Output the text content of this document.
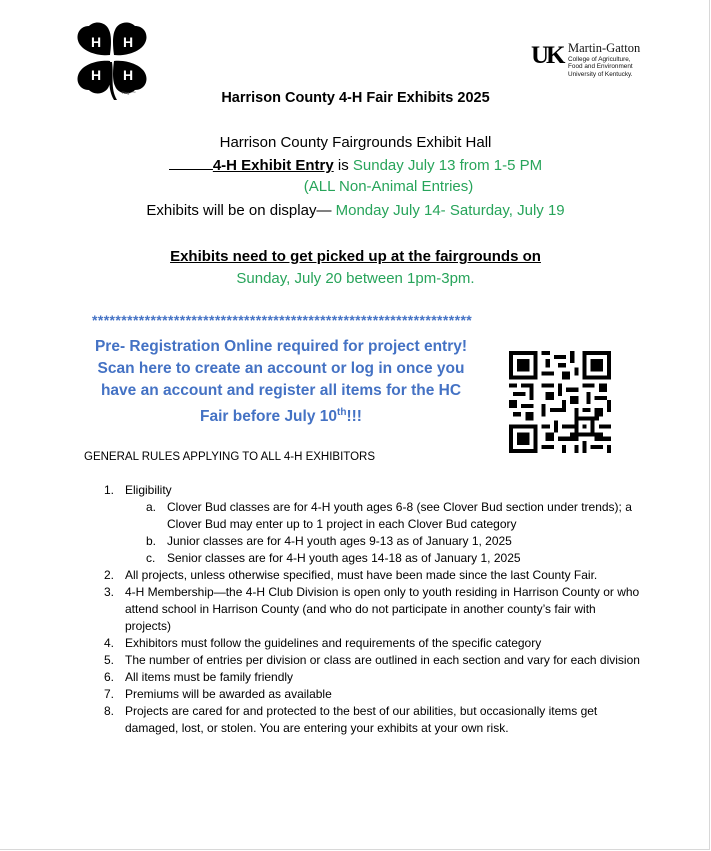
H H
H H
Reg. ™
UK Martin-Gatton
College of Agriculture,
Food and Environment
University of Kentucky.
Harrison County 4-H Fair Exhibits 2025
Harrison County Fairgrounds Exhibit Hall
4-H Exhibit Entry is Sunday July 13 from 1-5 PM
(ALL Non-Animal Entries)
Exhibits will be on display— Monday July 14- Saturday, July 19
Exhibits need to get picked up at the fairgrounds on
Sunday, July 20 between 1pm-3pm.
*****************************************************************
Pre- Registration Online required for project entry! Scan here to create an account or log in once you have an account and register all items for the HC Fair before July 10th!!!
GENERAL RULES APPLYING TO ALL 4-H EXHIBITORS
1. Eligibility
a. Clover Bud classes are for 4-H youth ages 6-8 (see Clover Bud section under trends); a Clover Bud may enter up to 1 project in each Clover Bud category
b. Junior classes are for 4-H youth ages 9-13 as of January 1, 2025
c. Senior classes are for 4-H youth ages 14-18 as of January 1, 2025
2. All projects, unless otherwise specified, must have been made since the last County Fair.
3. 4-H Membership—the 4-H Club Division is open only to youth residing in Harrison County or who attend school in Harrison County (and who do not participate in another county’s fair with projects)
4. Exhibitors must follow the guidelines and requirements of the specific category
5. The number of entries per division or class are outlined in each section and vary for each division
6. All items must be family friendly
7. Premiums will be awarded as available
8. Projects are cared for and protected to the best of our abilities, but occasionally items get damaged, lost, or stolen. You are entering your exhibits at your own risk.
